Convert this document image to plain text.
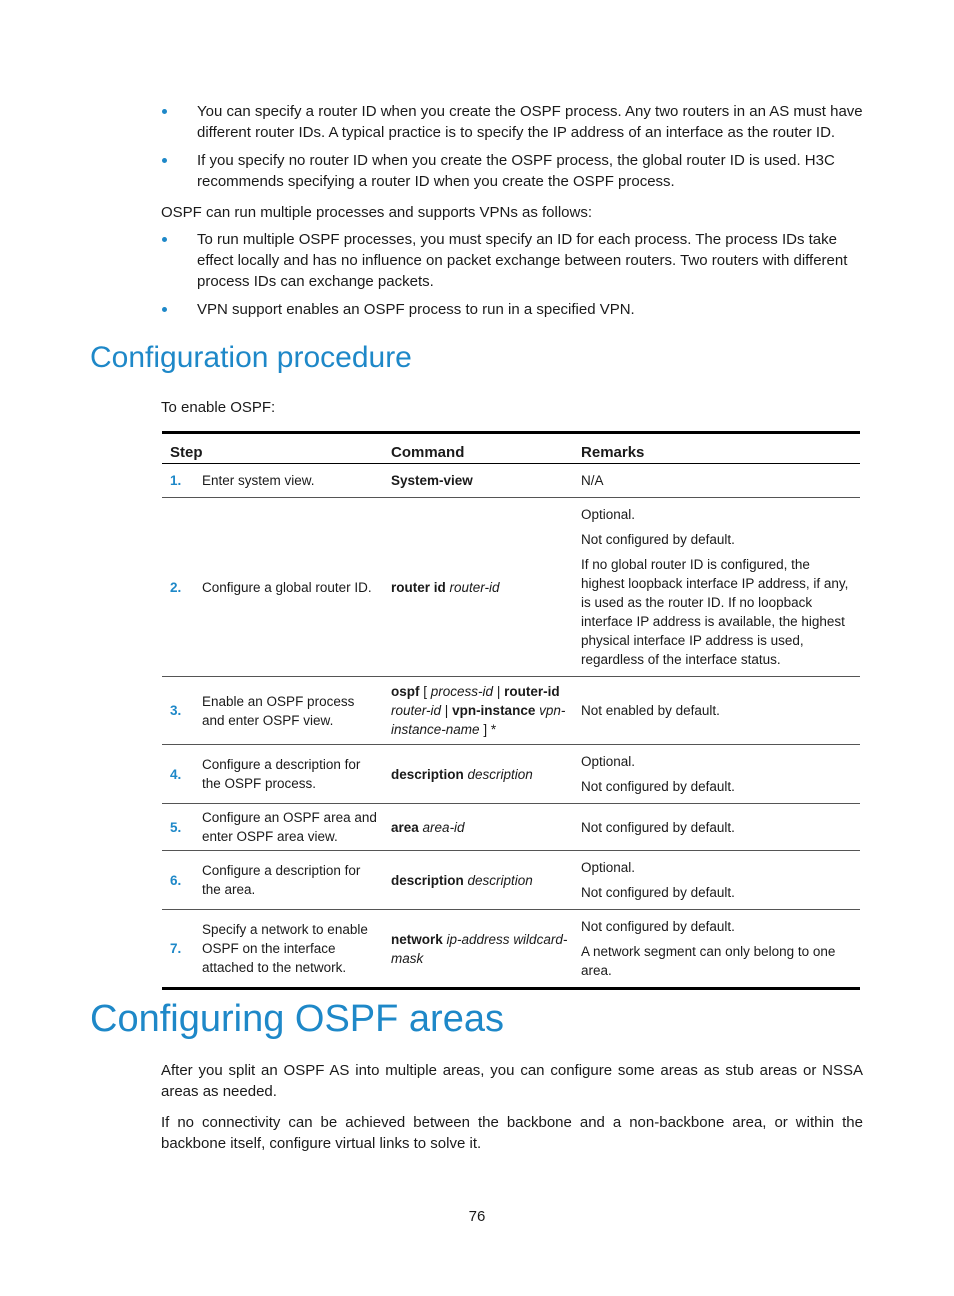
You can specify a router ID when you create the OSPF process. Any two routers in an AS must have different router IDs. A typical practice is to specify the IP address of an interface as the router ID.
If you specify no router ID when you create the OSPF process, the global router ID is used. H3C recommends specifying a router ID when you create the OSPF process.

OSPF can run multiple processes and supports VPNs as follows:

To run multiple OSPF processes, you must specify an ID for each process. The process IDs take effect locally and has no influence on packet exchange between routers. Two routers with different process IDs can exchange packets.
VPN support enables an OSPF process to run in a specified VPN.
Configuration procedure

To enable OSPF:

Step		Command	Remarks
1.	Enter system view.	System-view	N/A

2.	Configure a global router ID.	router id router-id	Optional.

Not configured by default.

If no global router ID is configured, the highest loopback interface IP address, if any, is used as the router ID. If no loopback interface IP address is available, the highest physical interface IP address is used, regardless of the interface status.

3.	Enable an OSPF process and enter OSPF view.	ospf [ process-id | router-id router-id | vpn-instance vpn-instance-name ] *	Not enabled by default.

4.	Configure a description for the OSPF process.	description description	Optional.

Not configured by default.

5.	Configure an OSPF area and enter OSPF area view.	area area-id	Not configured by default.

6.	Configure a description for the area.	description description	Optional.

Not configured by default.

7.	Specify a network to enable OSPF on the interface attached to the network.	network ip-address wildcard-mask	Not configured by default.

A network segment can only belong to one area.

Configuring OSPF areas

After you split an OSPF AS into multiple areas, you can configure some areas as stub areas or NSSA areas as needed.

If no connectivity can be achieved between the backbone and a non-backbone area, or within the backbone itself, configure virtual links to solve it.

76
